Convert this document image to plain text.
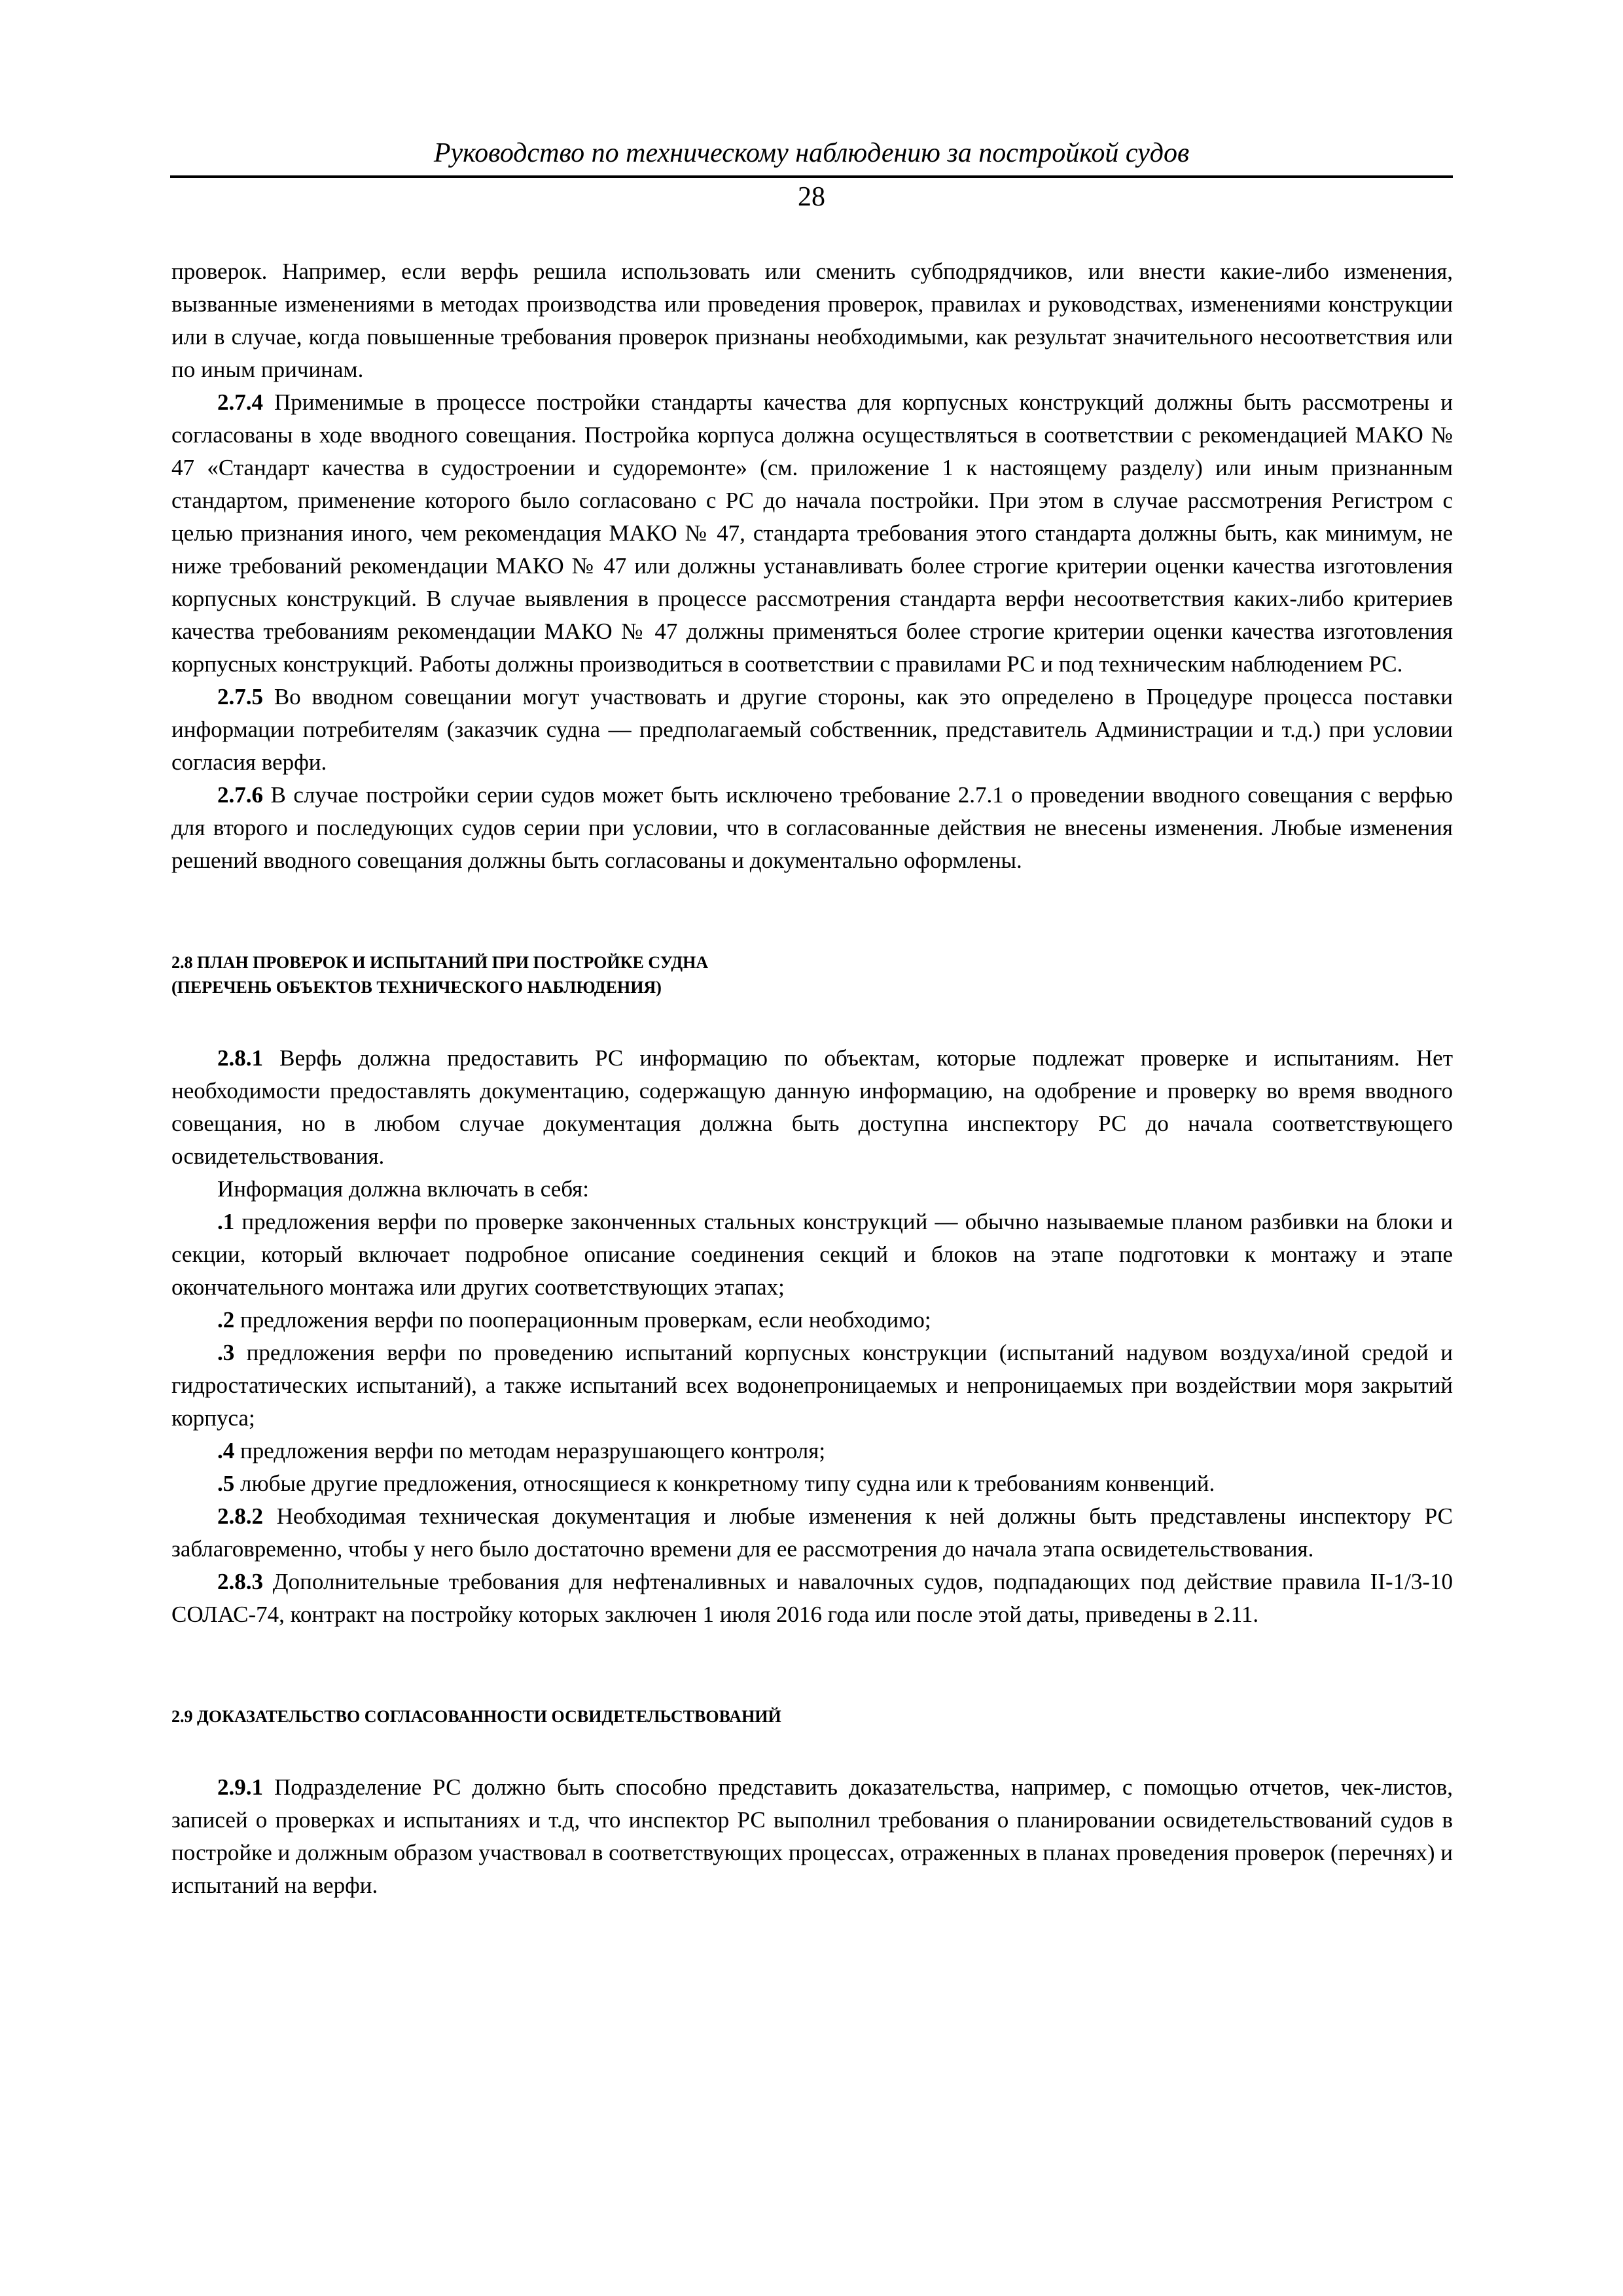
Руководство по техническому наблюдению за постройкой судов
28

проверок. Например, если верфь решила использовать или сменить субподрядчиков, или внести какие-либо изменения, вызванные изменениями в методах производства или проведения проверок, правилах и руководствах, изменениями конструкции или в случае, когда повышенные требования проверок признаны необходимыми, как результат значительного несоответствия или по иным причинам.

2.7.4 Применимые в процессе постройки стандарты качества для корпусных конструкций должны быть рассмотрены и согласованы в ходе вводного совещания. Постройка корпуса должна осуществляться в соответствии с рекомендацией МАКО № 47 «Стандарт качества в судостроении и судоремонте» (см. приложение 1 к настоящему разделу) или иным признанным стандартом, применение которого было согласовано с РС до начала постройки. При этом в случае рассмотрения Регистром с целью признания иного, чем рекомендация МАКО № 47, стандарта требования этого стандарта должны быть, как минимум, не ниже требований рекомендации МАКО № 47 или должны устанавливать более строгие критерии оценки качества изготовления корпусных конструкций. В случае выявления в процессе рассмотрения стандарта верфи несоответствия каких-либо критериев качества требованиям рекомендации МАКО № 47 должны применяться более строгие критерии оценки качества изготовления корпусных конструкций. Работы должны производиться в соответствии с правилами РС и под техническим наблюдением РС.

2.7.5 Во вводном совещании могут участвовать и другие стороны, как это определено в Процедуре процесса поставки информации потребителям (заказчик судна — предполагаемый собственник, представитель Администрации и т.д.) при условии согласия верфи.

2.7.6 В случае постройки серии судов может быть исключено требование 2.7.1 о проведении вводного совещания с верфью для второго и последующих судов серии при условии, что в согласованные действия не внесены изменения. Любые изменения решений вводного совещания должны быть согласованы и документально оформлены.

2.8 ПЛАН ПРОВЕРОК И ИСПЫТАНИЙ ПРИ ПОСТРОЙКЕ СУДНА

(ПЕРЕЧЕНЬ ОБЪЕКТОВ ТЕХНИЧЕСКОГО НАБЛЮДЕНИЯ)

2.8.1 Верфь должна предоставить РС информацию по объектам, которые подлежат проверке и испытаниям. Нет необходимости предоставлять документацию, содержащую данную информацию, на одобрение и проверку во время вводного совещания, но в любом случае документация должна быть доступна инспектору РС до начала соответствующего освидетельствования.

Информация должна включать в себя:

.1 предложения верфи по проверке законченных стальных конструкций — обычно называемые планом разбивки на блоки и секции, который включает подробное описание соединения секций и блоков на этапе подготовки к монтажу и этапе окончательного монтажа или других соответствующих этапах;

.2 предложения верфи по пооперационным проверкам, если необходимо;

.3 предложения верфи по проведению испытаний корпусных конструкции (испытаний надувом воздуха/иной средой и гидростатических испытаний), а также испытаний всех водонепроницаемых и непроницаемых при воздействии моря закрытий корпуса;

.4 предложения верфи по методам неразрушающего контроля;

.5 любые другие предложения, относящиеся к конкретному типу судна или к требованиям конвенций.

2.8.2 Необходимая техническая документация и любые изменения к ней должны быть представлены инспектору РС заблаговременно, чтобы у него было достаточно времени для ее рассмотрения до начала этапа освидетельствования.

2.8.3 Дополнительные требования для нефтеналивных и навалочных судов, подпадающих под действие правила II-1/3-10 СОЛАС-74, контракт на постройку которых заключен 1 июля 2016 года или после этой даты, приведены в 2.11.

2.9 ДОКАЗАТЕЛЬСТВО СОГЛАСОВАННОСТИ ОСВИДЕТЕЛЬСТВОВАНИЙ

2.9.1 Подразделение РС должно быть способно представить доказательства, например, с помощью отчетов, чек-листов, записей о проверках и испытаниях и т.д, что инспектор РС выполнил требования о планировании освидетельствований судов в постройке и должным образом участвовал в соответствующих процессах, отраженных в планах проведения проверок (перечнях) и испытаний на верфи.
